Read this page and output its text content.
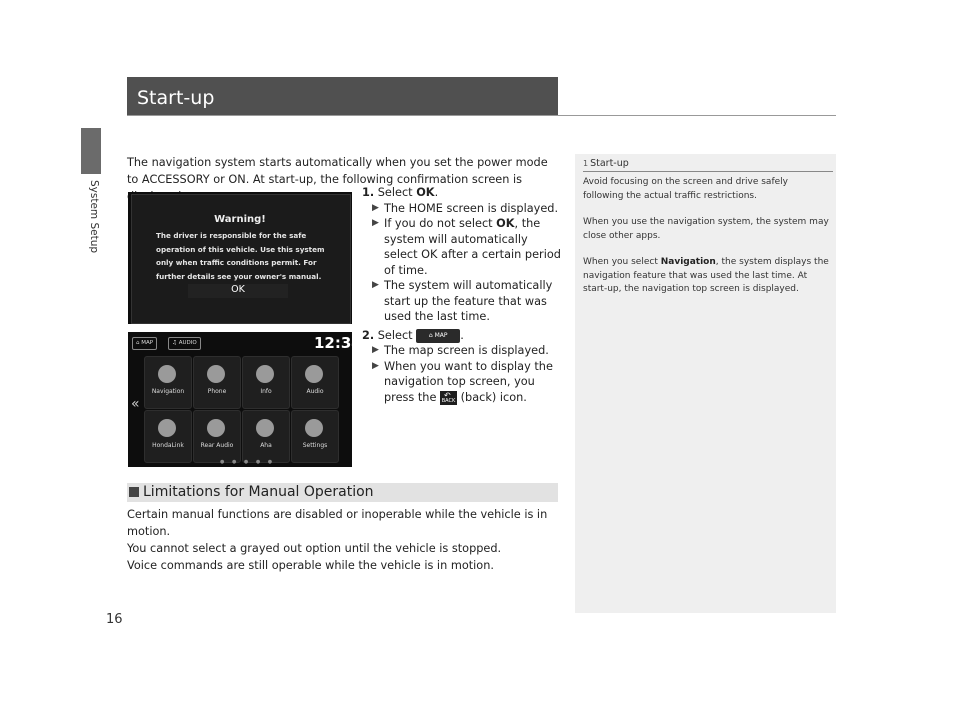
System Setup
16
Start-up
The navigation system starts automatically when you set the power mode to ACCESSORY or ON. At start-up, the following confirmation screen is
Warning!
The driver is responsible for the safe
operation of this vehicle. Use this system
only when traffic conditions permit. For
further details see your owner's manual.
OK
⌂ MAP	♫ AUDIO	12:34
«
Navigation	Phone	Info	Audio
HondaLink	Rear Audio	Aha	Settings
● ● ● ● ●
1. Select OK.
▶ The HOME screen is displayed.
▶ If you do not select OK, the system will automatically select OK after a certain period of time.
▶ The system will automatically start up the feature that was used the last time.
2. Select	⌂ MAP .
▶ The map screen is displayed.
▶ When you want to display the navigation top screen, you press the ↶
BACK (back) icon.
Limitations for Manual Operation
Certain manual functions are disabled or inoperable while the vehicle is in motion.
You cannot select a grayed out option until the vehicle is stopped.
Voice commands are still operable while the vehicle is in motion.
1 Start-up

Avoid focusing on the screen and drive safely following the actual traffic restrictions.

When you use the navigation system, the system may close other apps.

When you select Navigation, the system displays the navigation feature that was used the last time. At start-up, the navigation top screen is displayed.
